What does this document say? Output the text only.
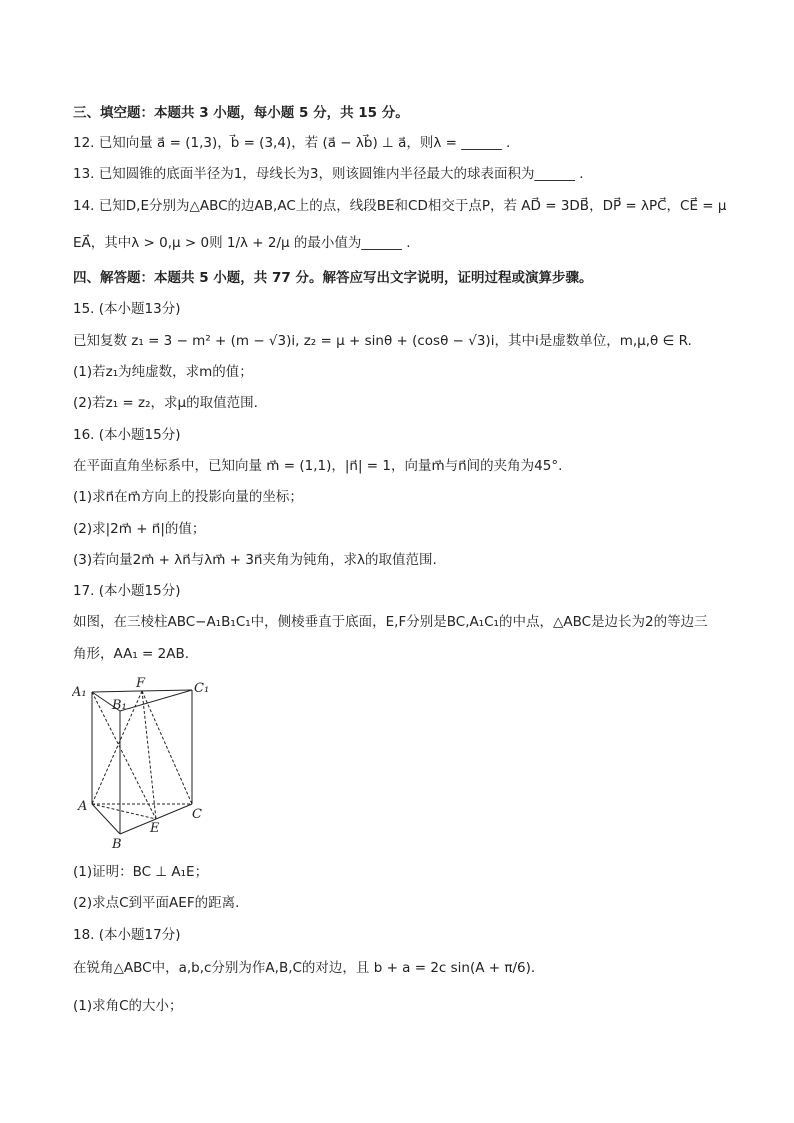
三、填空题：本题共 3 小题，每小题 5 分，共 15 分。
12. 已知向量 a⃗ = (1,3)，b⃗ = (3,4)，若 (a⃗ − λb⃗) ⊥ a⃗，则λ = ______ .
13. 已知圆锥的底面半径为1，母线长为3，则该圆锥内半径最大的球表面积为______ .
14. 已知D,E分别为△ABC的边AB,AC上的点，线段BE和CD相交于点P，若 AD⃗ = 3DB⃗，DP⃗ = λPC⃗，CE⃗ = μ
EA⃗，其中λ > 0,μ > 0则 1/λ + 2/μ 的最小值为______ .
四、解答题：本题共 5 小题，共 77 分。解答应写出文字说明，证明过程或演算步骤。
15. (本小题13分)
已知复数 z₁ = 3 − m² + (m − √3)i, z₂ = μ + sinθ + (cosθ − √3)i，其中i是虚数单位，m,μ,θ ∈ R.
(1)若z₁为纯虚数，求m的值；
(2)若z₁ = z₂，求μ的取值范围.
16. (本小题15分)
在平面直角坐标系中，已知向量 m⃗ = (1,1)，|n⃗| = 1，向量m⃗与n⃗间的夹角为45°.
(1)求n⃗在m⃗方向上的投影向量的坐标；
(2)求|2m⃗ + n⃗|的值；
(3)若向量2m⃗ + λn⃗与λm⃗ + 3n⃗夹角为钝角，求λ的取值范围.
17. (本小题15分)
如图，在三棱柱ABC−A₁B₁C₁中，侧棱垂直于底面，E,F分别是BC,A₁C₁的中点，△ABC是边长为2的等边三
角形，AA₁ = 2AB.
A₁
F	C₁
B₁
A
E
C
B
(1)证明：BC ⊥ A₁E；
(2)求点C到平面AEF的距离.
18. (本小题17分)
在锐角△ABC中，a,b,c分别为作A,B,C的对边，且 b + a = 2c sin(A + π/6).
(1)求角C的大小；
